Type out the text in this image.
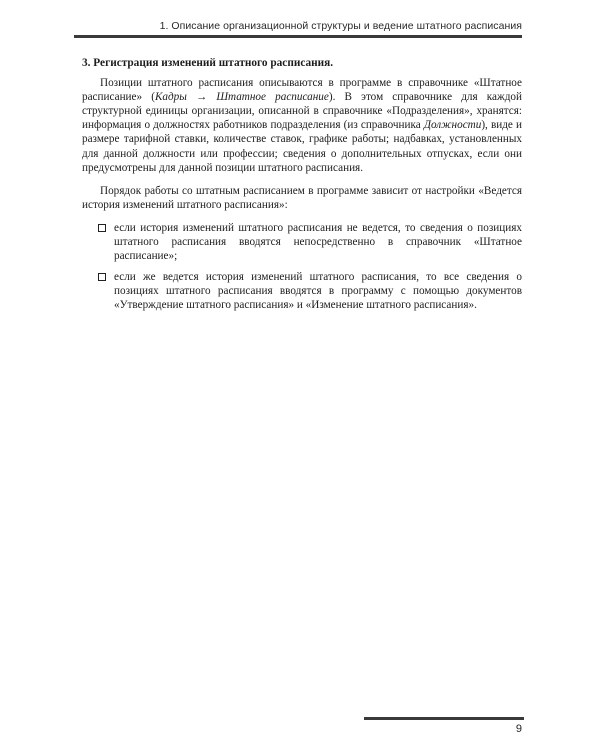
1. Описание организационной структуры и ведение штатного расписания

3. Регистрация изменений штатного расписания.

Позиции штатного расписания описываются в программе в справочнике «Штатное расписание» (Кадры → Штатное расписание). В этом справочнике для каждой структурной единицы организации, описанной в справочнике «Подразделения», хранятся: информация о должностях работников подразделения (из справочника Должности), виде и размере тарифной ставки, количестве ставок, графике работы; надбавках, установленных для данной должности или профессии; сведения о дополнительных отпусках, если они предусмотрены для данной позиции штатного расписания.

Порядок работы со штатным расписанием в программе зависит от настройки «Ведется история изменений штатного расписания»:

если история изменений штатного расписания не ведется, то сведения о позициях штатного расписания вводятся непосредственно в справочник «Штатное расписание»;
если же ведется история изменений штатного расписания, то все сведения о позициях штатного расписания вводятся в программу с помощью документов «Утверждение штатного расписания» и «Изменение штатного расписания».
9
